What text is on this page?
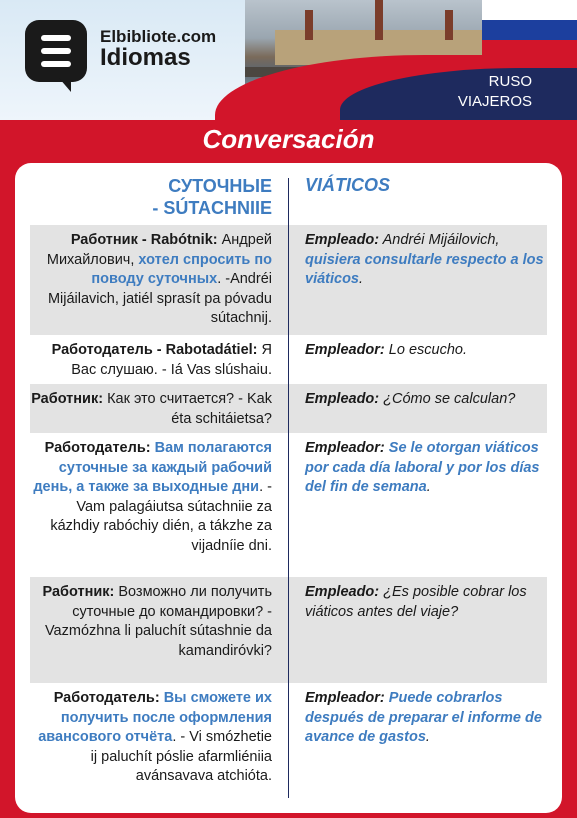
RUSO
VIAJEROS
Elbibliote.com
Idiomas
Conversación
СУТОЧНЫЕ
- SÚTACHNIIE
VIÁTICOS
Работник - Rabótnik: Андрей Михайлович, хотел спросить по поводу суточных. -Andréi Mijáilavich, jatiél sprasít pa póvadu sútachnij.
Empleado: Andréi Mijáilovich, quisiera consultarle respecto a los viáticos.
Работодатель - Rabotadátiel: Я Вас слушаю. - Iá Vas slúshaiu.
Empleador: Lo escucho.
Работник: Как это считается? - Kak éta schitáietsa?
Empleado: ¿Cómo se calculan?
Работодатель: Вам полагаются суточные за каждый рабочий день, а также за выходные дни. - Vam palagáiutsa sútachniie za kázhdiy rabóchiy dién, a tákzhe za vijadníie dni.
Empleador: Se le otorgan viáticos por cada día laboral y por los días del fin de semana.
Работник: Возможно ли получить суточные до командировки? - Vazmózhna li paluchít sútashnie da kamandiróvki?
Empleado: ¿Es posible cobrar los viáticos antes del viaje?
Работодатель: Вы сможете их получить после оформления авансового отчёта. - Vi smózhetie ij paluchít póslie afarmliéniia avánsavava atchióta.
Empleador: Puede cobrarlos después de preparar el informe de avance de gastos.
